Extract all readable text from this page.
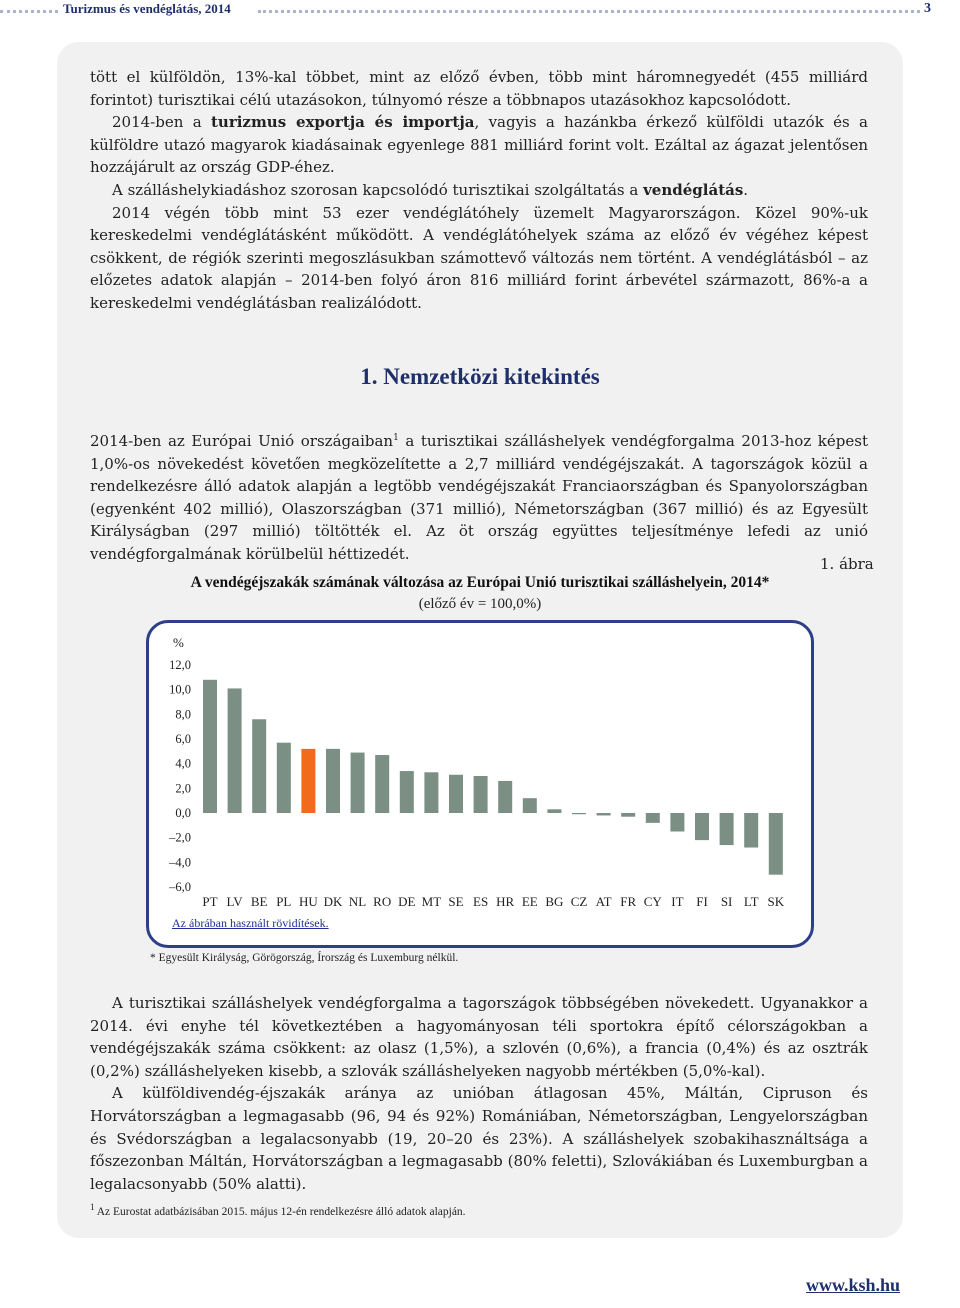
Turizmus és vendéglátás, 2014	3

tött el külföldön, 13%-kal többet, mint az előző évben, több mint háromnegyedét (455 milliárd forintot) turisztikai célú utazásokon, túlnyomó része a többnapos utazásokhoz kapcsolódott.

2014-ben a turizmus exportja és importja, vagyis a hazánkba érkező külföldi utazók és a külföldre utazó magyarok kiadásainak egyenlege 881 milliárd forint volt. Ezáltal az ágazat jelentősen hozzájárult az ország GDP-éhez.

A szálláshelykiadáshoz szorosan kapcsolódó turisztikai szolgáltatás a vendéglátás.

2014 végén több mint 53 ezer vendéglátóhely üzemelt Magyarországon. Közel 90%-uk kereskedelmi vendéglátásként működött. A vendéglátóhelyek száma az előző év végéhez képest csökkent, de régiók szerinti megoszlásukban számottevő változás nem történt. A vendéglátásból – az előzetes adatok alapján – 2014-ben folyó áron 816 milliárd forint árbevétel származott, 86%-a a kereskedelmi vendéglátásban realizálódott.

1. Nemzetközi kitekintés

2014-ben az Európai Unió országaiban$^1$ a turisztikai szálláshelyek vendégforgalma 2013-hoz képest 1,0%-os növekedést követően megközelítette a 2,7 milliárd vendégéjszakát. A tagországok közül a rendelkezésre álló adatok alapján a legtöbb vendégéjszakát Franciaországban és Spanyolországban (egyenként 402 millió), Olaszországban (371 millió), Németországban (367 millió) és az Egyesült Királyságban (297 millió) töltötték el. Az öt ország együttes teljesítménye lefedi az unió vendégforgalmának körülbelül héttizedét.

1. ábra
A vendégéjszakák számának változása az Európai Unió turisztikai szálláshelyein, 2014*
(előző év = 100,0%)
%
12,0
10,0
8,0
6,0
4,0
2,0
0,0
–2,0
–4,0
–6,0
PT LV BE PL HU DK NL RO DE MT SE ES HR EE BG CZ AT FR CY IT FI SI LT SK
Az ábrában használt rövidítések.
* Egyesült Királyság, Görögország, Írország és Luxemburg nélkül.

A turisztikai szálláshelyek vendégforgalma a tagországok többségében növekedett. Ugyanakkor a 2014. évi enyhe tél következtében a hagyományosan téli sportokra építő célországokban a vendégéjszakák száma csökkent: az olasz (1,5%), a szlovén (0,6%), a francia (0,4%) és az osztrák (0,2%) szálláshelyeken kisebb, a szlovák szálláshelyeken nagyobb mértékben (5,0%-kal).

A külföldivendég-éjszakák aránya az unióban átlagosan 45%, Máltán, Cipruson és Horvátországban a legmagasabb (96, 94 és 92%) Romániában, Németországban, Lengyelországban és Svédországban a legalacsonyabb (19, 20–20 és 23%). A szálláshelyek szobakihasználtsága a főszezonban Máltán, Horvátországban a legmagasabb (80% feletti), Szlovákiában és Luxemburgban a legalacsonyabb (50% alatti).

$^1$ Az Eurostat adatbázisában 2015. május 12-én rendelkezésre álló adatok alapján.
www.ksh.hu
